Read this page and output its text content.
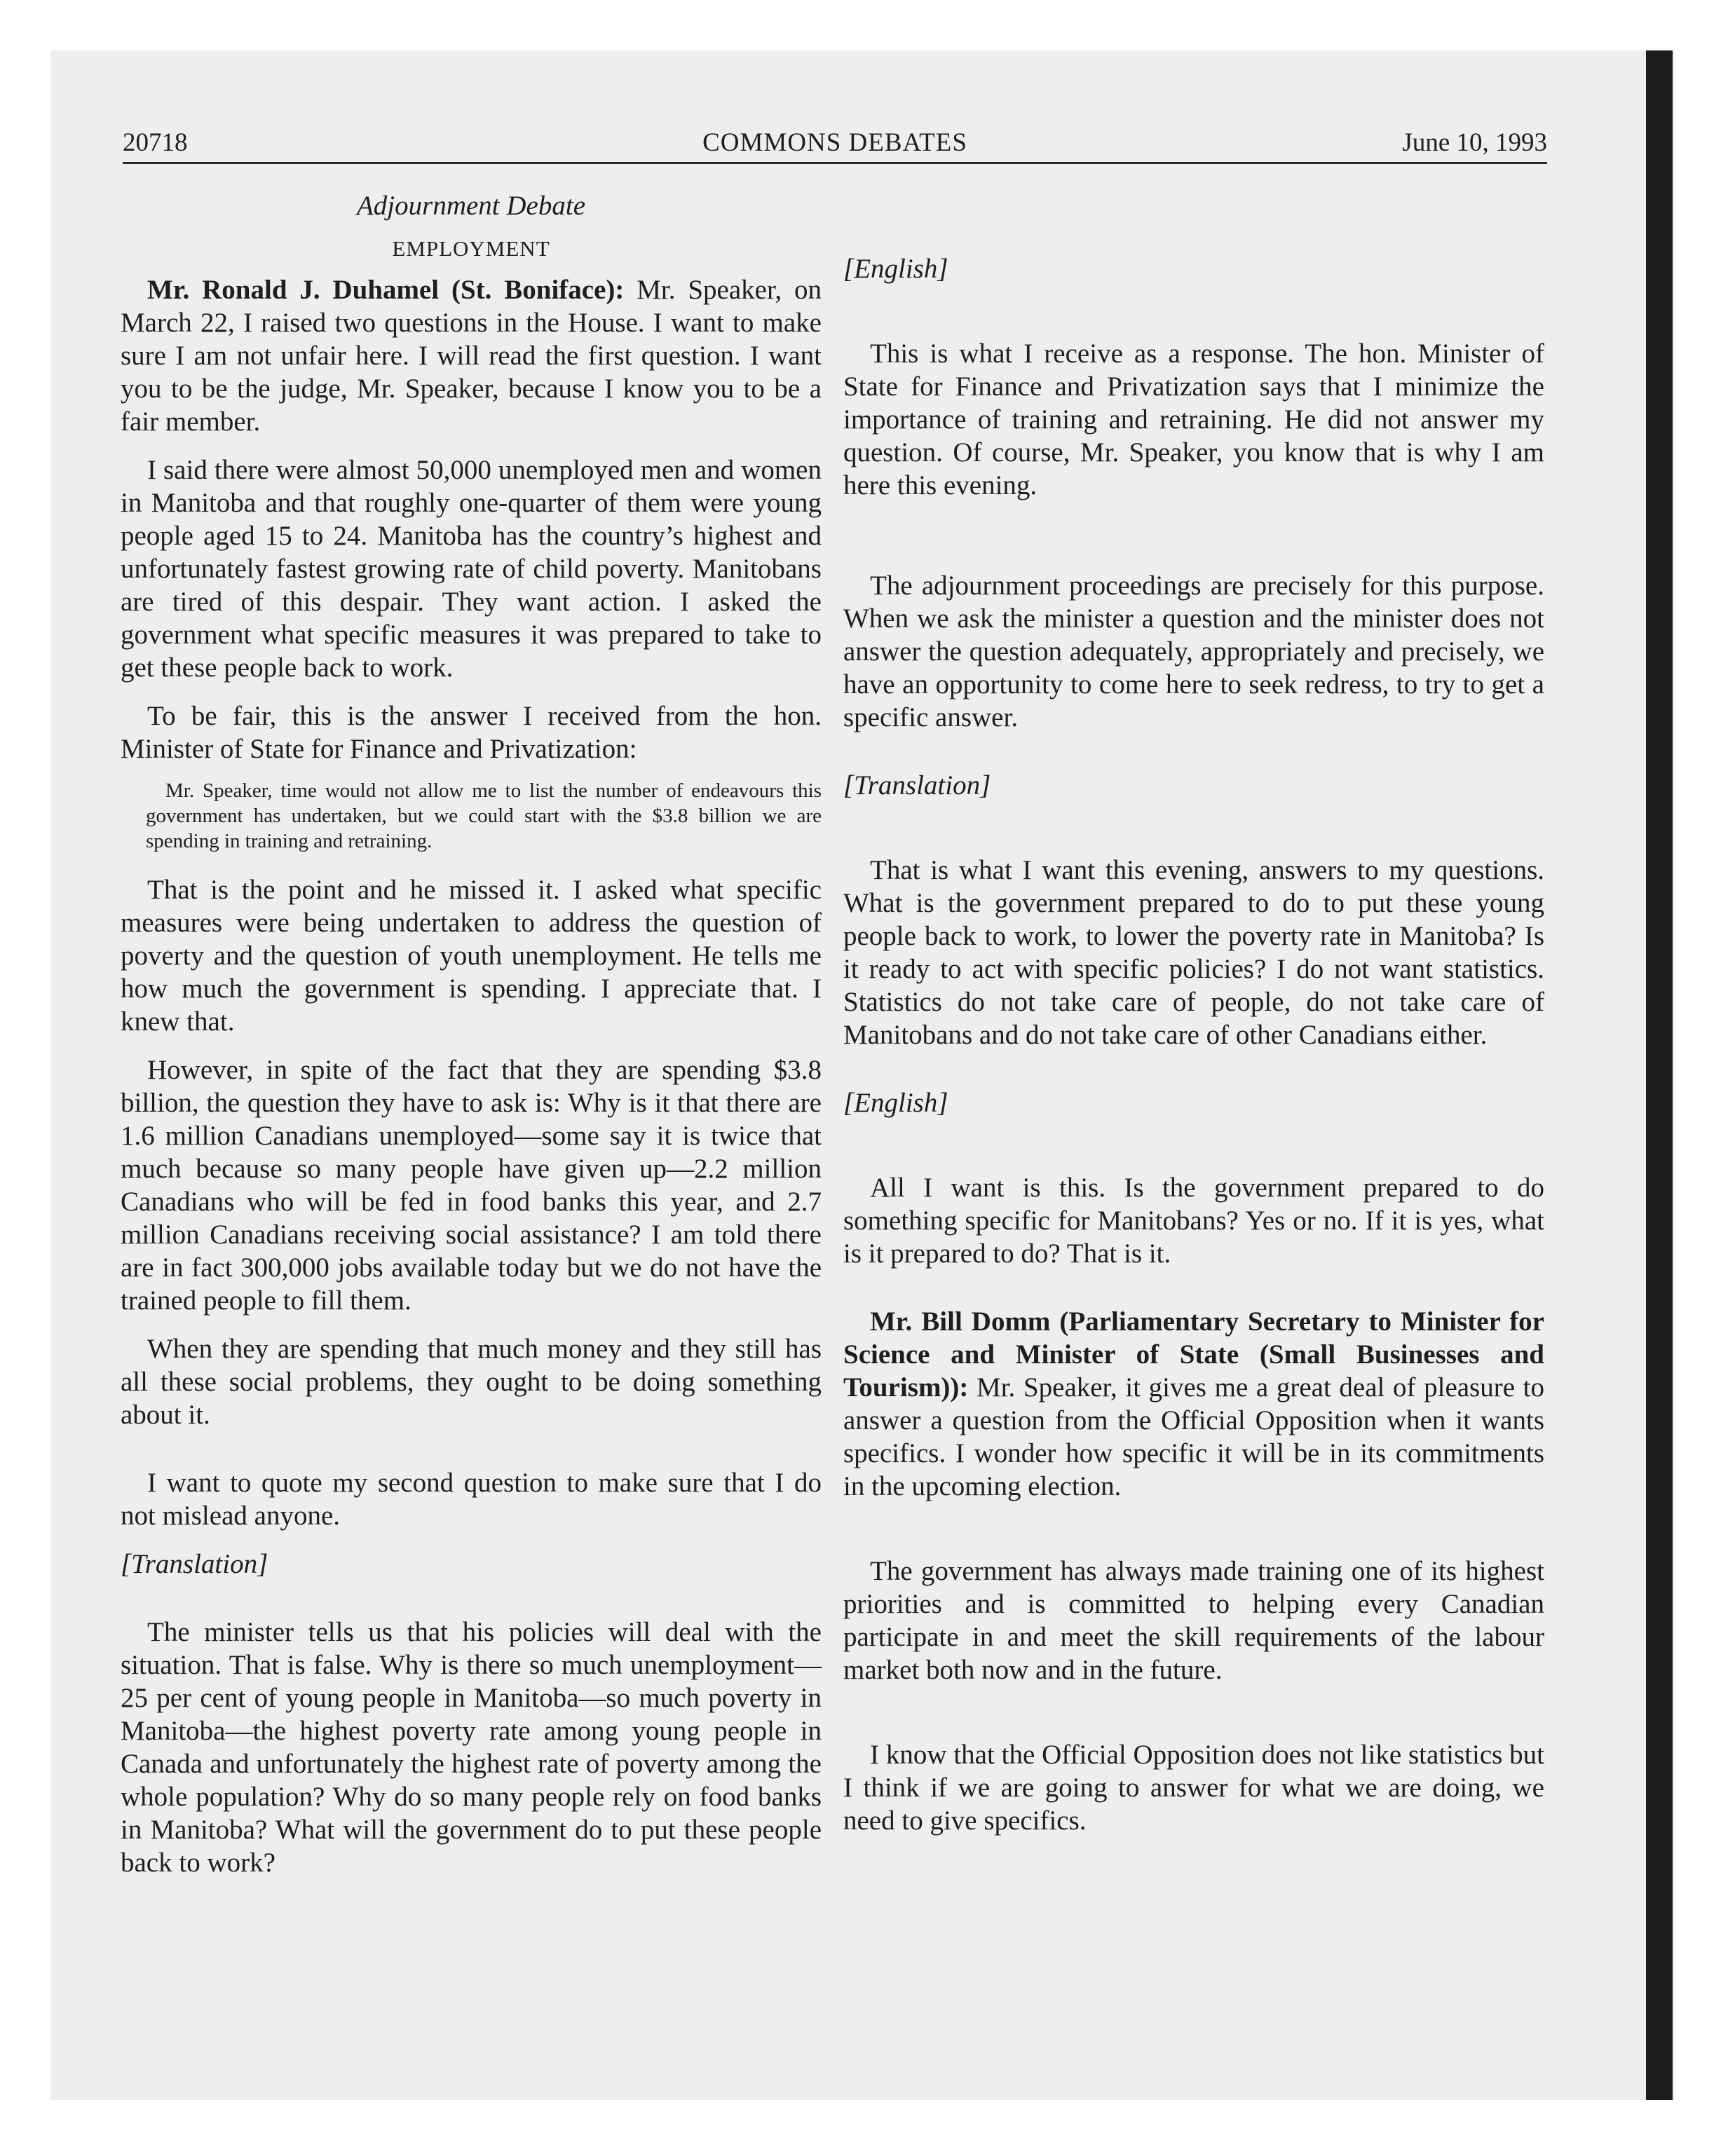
20718	COMMONS DEBATES	June 10, 1993

Adjournment Debate

EMPLOYMENT

Mr. Ronald J. Duhamel (St. Boniface): Mr. Speaker, on March 22, I raised two questions in the House. I want to make sure I am not unfair here. I will read the first question. I want you to be the judge, Mr. Speaker, because I know you to be a fair member.

I said there were almost 50,000 unemployed men and women in Manitoba and that roughly one-quarter of them were young people aged 15 to 24. Manitoba has the country’s highest and unfortunately fastest growing rate of child poverty. Manitobans are tired of this despair. They want action. I asked the government what specific measures it was prepared to take to get these people back to work.

To be fair, this is the answer I received from the hon. Minister of State for Finance and Privatization:

Mr. Speaker, time would not allow me to list the number of endeavours this government has undertaken, but we could start with the $3.8 billion we are spending in training and retraining.

That is the point and he missed it. I asked what specific measures were being undertaken to address the question of poverty and the question of youth unemployment. He tells me how much the government is spending. I appreciate that. I knew that.

However, in spite of the fact that they are spending $3.8 billion, the question they have to ask is: Why is it that there are 1.6 million Canadians unemployed—some say it is twice that much because so many people have given up—2.2 million Canadians who will be fed in food banks this year, and 2.7 million Canadians receiving social assistance? I am told there are in fact 300,000 jobs available today but we do not have the trained people to fill them.

When they are spending that much money and they still has all these social problems, they ought to be doing something about it.

I want to quote my second question to make sure that I do not mislead anyone.

[Translation]

The minister tells us that his policies will deal with the situation. That is false. Why is there so much unemployment—25 per cent of young people in Manitoba—so much poverty in Manitoba—the highest poverty rate among young people in Canada and unfortunately the highest rate of poverty among the whole population? Why do so many people rely on food banks in Manitoba? What will the government do to put these people back to work?

[English]

This is what I receive as a response. The hon. Minister of State for Finance and Privatization says that I minimize the importance of training and retraining. He did not answer my question. Of course, Mr. Speaker, you know that is why I am here this evening.

The adjournment proceedings are precisely for this purpose. When we ask the minister a question and the minister does not answer the question adequately, appropriately and precisely, we have an opportunity to come here to seek redress, to try to get a specific answer.

[Translation]

That is what I want this evening, answers to my questions. What is the government prepared to do to put these young people back to work, to lower the poverty rate in Manitoba? Is it ready to act with specific policies? I do not want statistics. Statistics do not take care of people, do not take care of Manitobans and do not take care of other Canadians either.

[English]

All I want is this. Is the government prepared to do something specific for Manitobans? Yes or no. If it is yes, what is it prepared to do? That is it.

Mr. Bill Domm (Parliamentary Secretary to Minister for Science and Minister of State (Small Businesses and Tourism)): Mr. Speaker, it gives me a great deal of pleasure to answer a question from the Official Opposition when it wants specifics. I wonder how specific it will be in its commitments in the upcoming election.

The government has always made training one of its highest priorities and is committed to helping every Canadian participate in and meet the skill requirements of the labour market both now and in the future.

I know that the Official Opposition does not like statistics but I think if we are going to answer for what we are doing, we need to give specifics.
